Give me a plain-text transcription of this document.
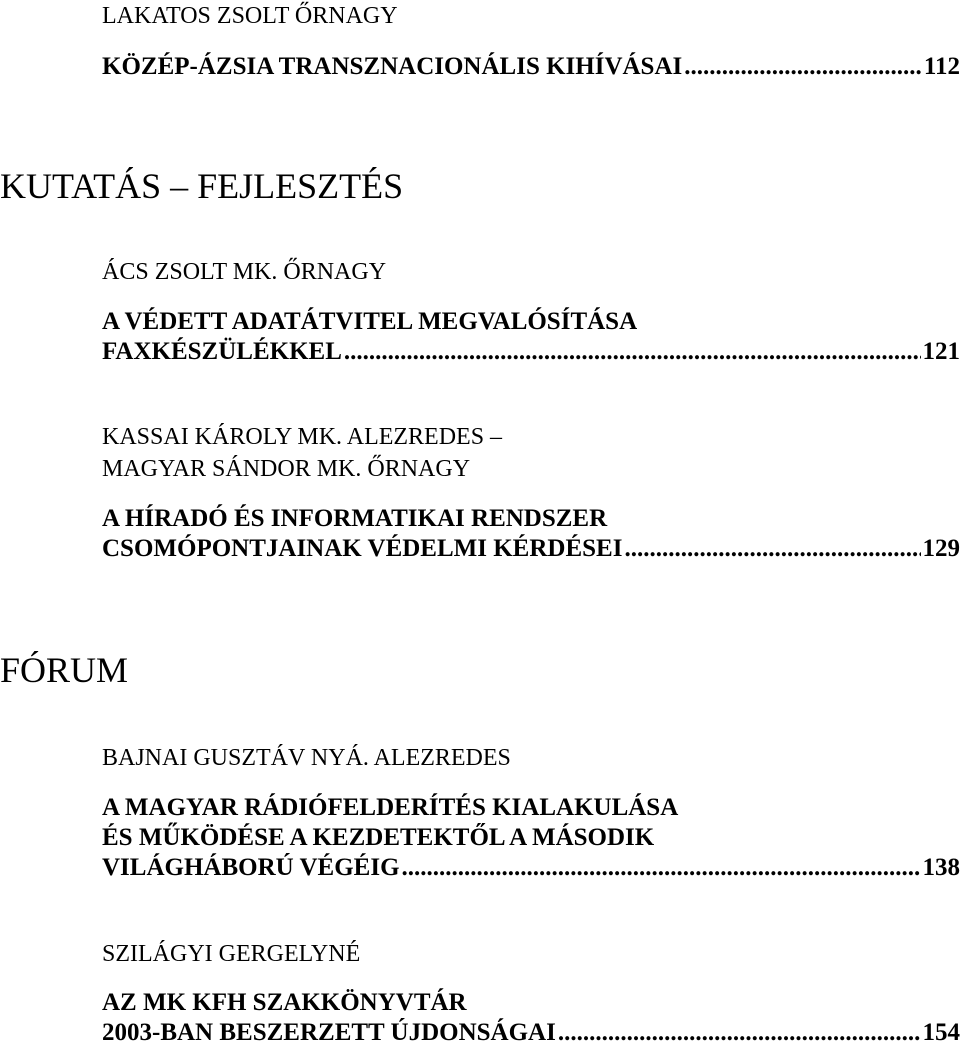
LAKATOS ZSOLT ŐRNAGY
KÖZÉP-ÁZSIA TRANSZNACIONÁLIS KIHÍVÁSAI .....	112
KUTATÁS – FEJLESZTÉS
ÁCS ZSOLT MK. ŐRNAGY
A VÉDETT ADATÁTVITEL MEGVALÓSÍTÁSA
FAXKÉSZÜLÉKKEL .....	121
KASSAI KÁROLY MK. ALEZREDES –
MAGYAR SÁNDOR MK. ŐRNAGY
A HÍRADÓ ÉS INFORMATIKAI RENDSZER
CSOMÓPONTJAINAK VÉDELMI KÉRDÉSEI .....	129
FÓRUM
BAJNAI GUSZTÁV NYÁ. ALEZREDES
A MAGYAR RÁDIÓFELDERÍTÉS KIALAKULÁSA
ÉS MŰKÖDÉSE A KEZDETEKTŐL A MÁSODIK
VILÁGHÁBORÚ VÉGÉIG .....	138
SZILÁGYI GERGELYNÉ
AZ MK KFH SZAKKÖNYVTÁR
2003-BAN BESZERZETT ÚJDONSÁGAI .....	154
